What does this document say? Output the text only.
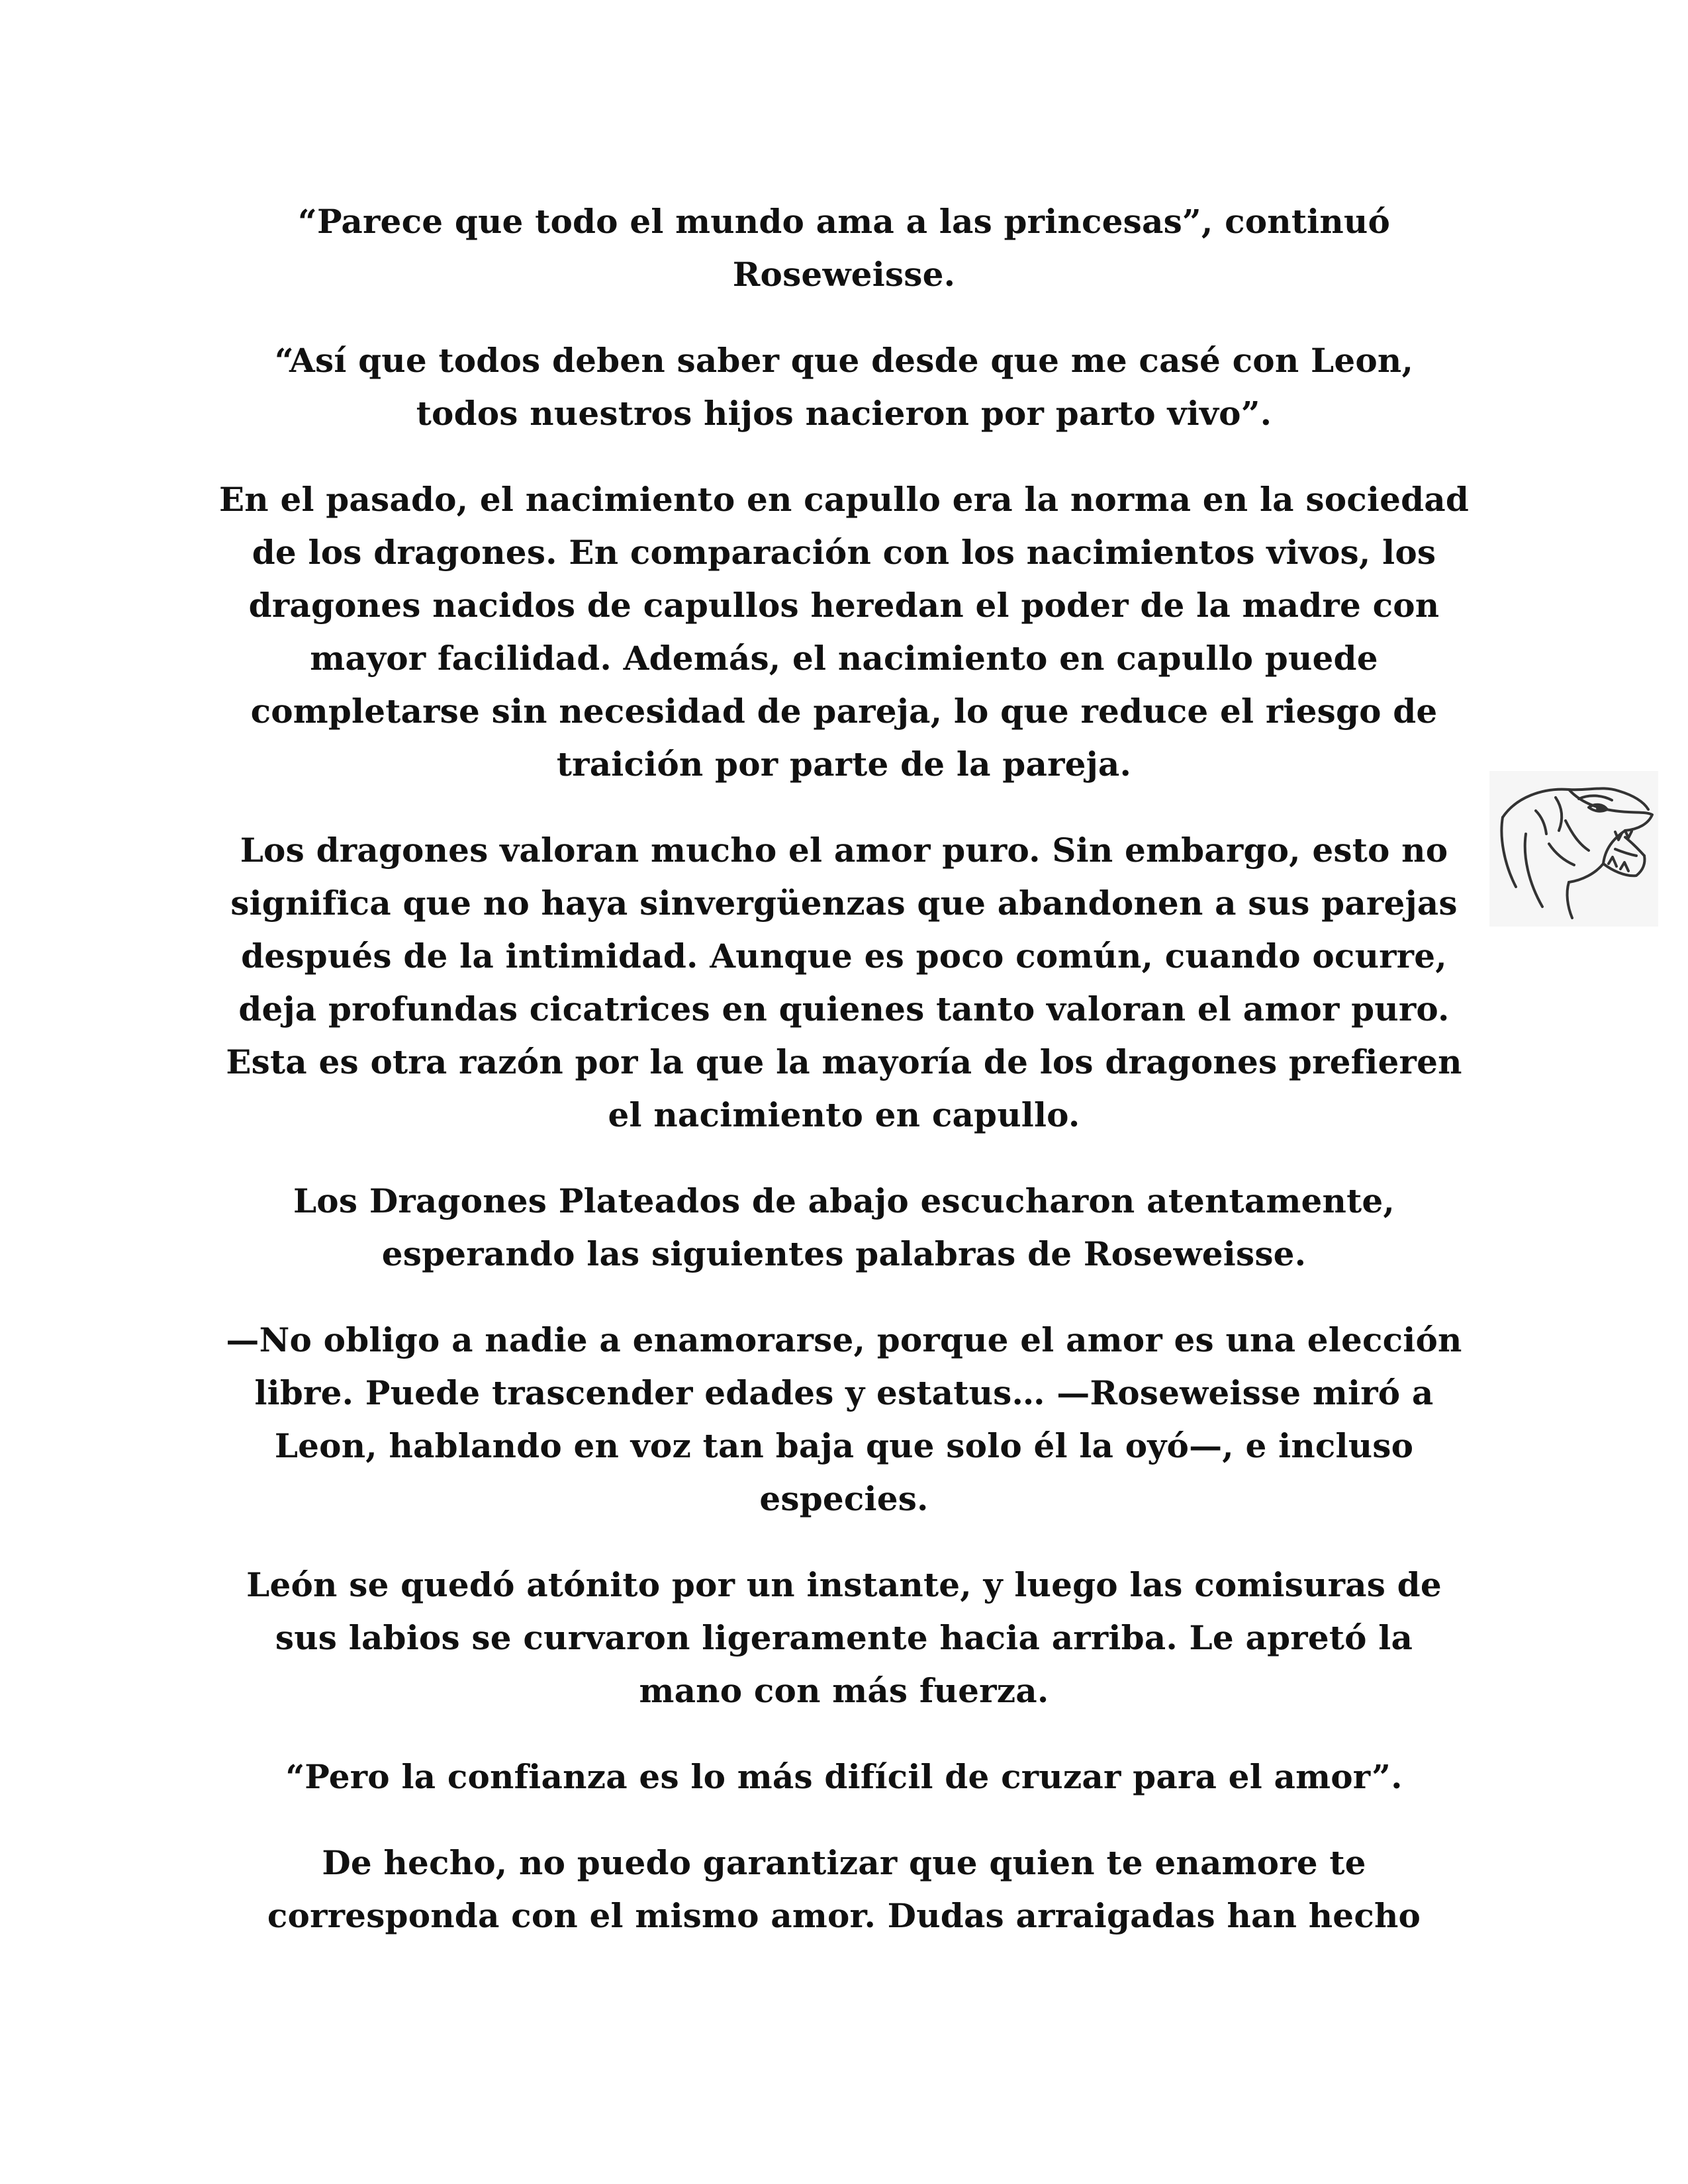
“Parece que todo el mundo ama a las princesas”, continuó Roseweisse.

“Así que todos deben saber que desde que me casé con Leon, todos nuestros hijos nacieron por parto vivo”.

En el pasado, el nacimiento en capullo era la norma en la sociedad de los dragones. En comparación con los nacimientos vivos, los dragones nacidos de capullos heredan el poder de la madre con mayor facilidad. Además, el nacimiento en capullo puede completarse sin necesidad de pareja, lo que reduce el riesgo de traición por parte de la pareja.

Los dragones valoran mucho el amor puro. Sin embargo, esto no significa que no haya sinvergüenzas que abandonen a sus parejas después de la intimidad. Aunque es poco común, cuando ocurre, deja profundas cicatrices en quienes tanto valoran el amor puro. Esta es otra razón por la que la mayoría de los dragones prefieren el nacimiento en capullo.

Los Dragones Plateados de abajo escucharon atentamente, esperando las siguientes palabras de Roseweisse.

—No obligo a nadie a enamorarse, porque el amor es una elección libre. Puede trascender edades y estatus… —Roseweisse miró a Leon, hablando en voz tan baja que solo él la oyó—, e incluso especies.

León se quedó atónito por un instante, y luego las comisuras de sus labios se curvaron ligeramente hacia arriba. Le apretó la mano con más fuerza.

“Pero la confianza es lo más difícil de cruzar para el amor”.

De hecho, no puedo garantizar que quien te enamore te corresponda con el mismo amor. Dudas arraigadas han hecho
